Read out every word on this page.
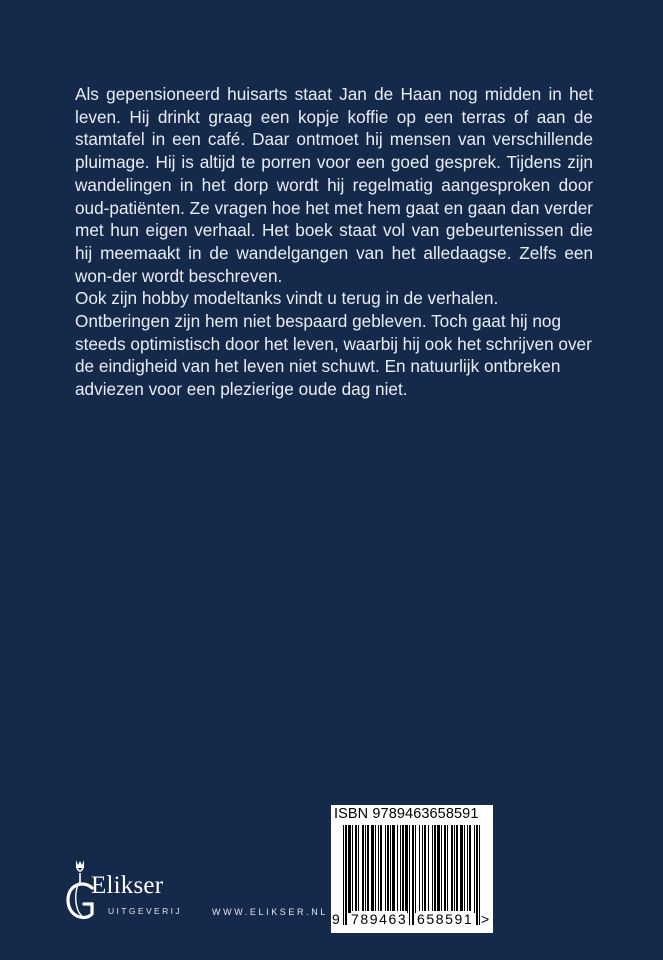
Als gepensioneerd huisarts staat Jan de Haan nog midden in het leven. Hij drinkt graag een kopje koffie op een terras of aan de stamtafel in een café. Daar ontmoet hij mensen van verschillende pluimage. Hij is altijd te porren voor een goed gesprek. Tijdens zijn wandelingen in het dorp wordt hij regelmatig aangesproken door oud-patiënten. Ze vragen hoe het met hem gaat en gaan dan verder met hun eigen verhaal. Het boek staat vol van gebeurtenissen die hij meemaakt in de wandelgangen van het alledaagse. Zelfs een won-der wordt beschreven.

Ook zijn hobby modeltanks vindt u terug in de verhalen.

Ontberingen zijn hem niet bespaard gebleven. Toch gaat hij nog steeds optimistisch door het leven, waarbij hij ook het schrijven over de eindigheid van het leven niet schuwt. En natuurlijk ontbreken adviezen voor een plezierige oude dag niet.

Elikser
UITGEVERIJ	WWW.ELIKSER.NL
ISBN 9789463658591
9 789463 658591 >
